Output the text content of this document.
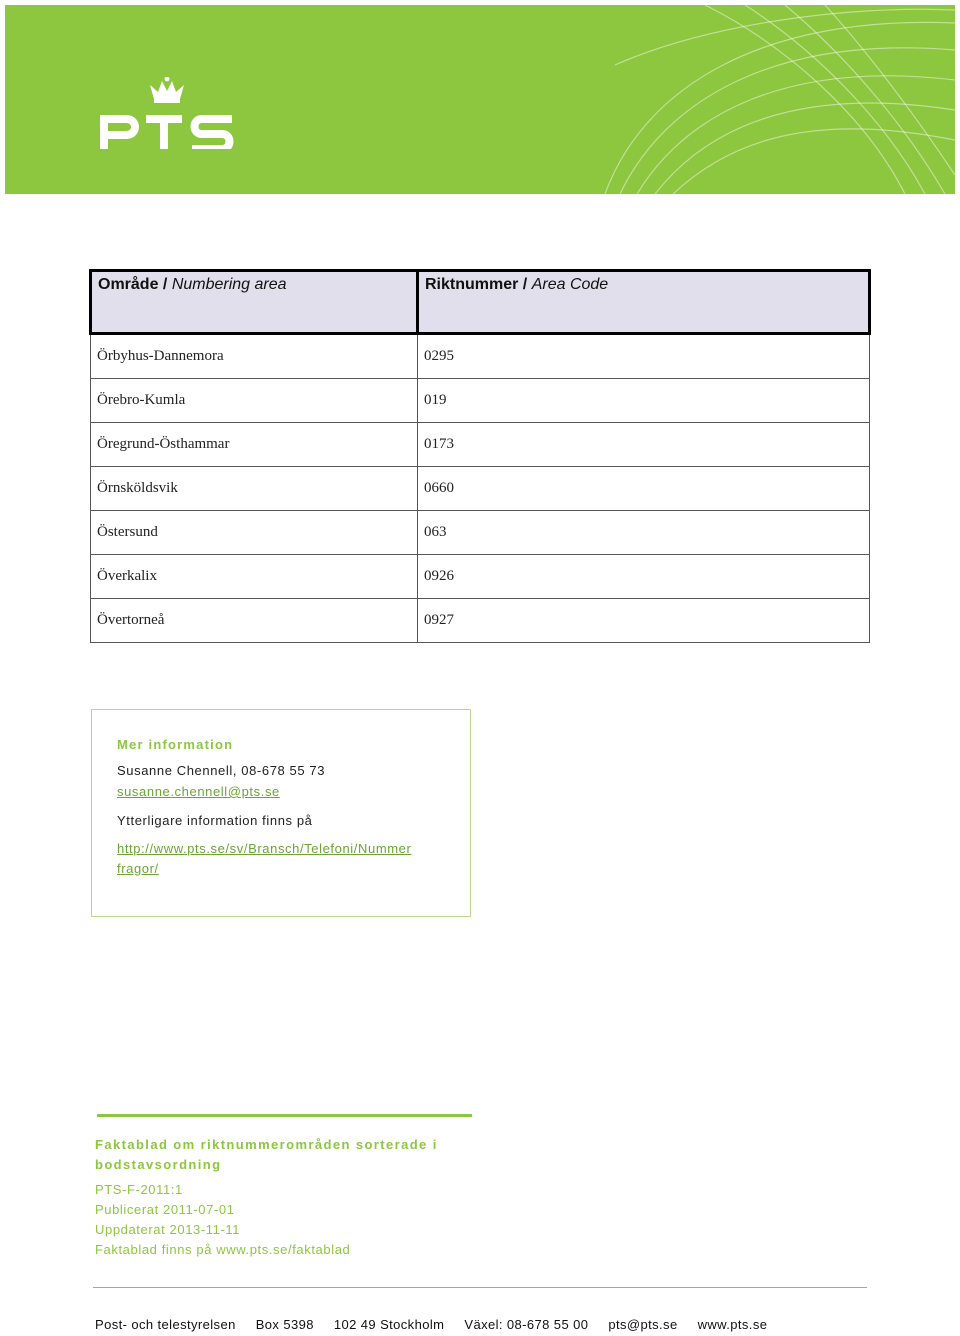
Område / Numbering area	Riktnummer / Area Code
Örbyhus-Dannemora	0295
Örebro-Kumla	019
Öregrund-Östhammar	0173
Örnsköldsvik	0660
Östersund	063
Överkalix	0926
Övertorneå	0927
Mer information
Susanne Chennell, 08-678 55 73
susanne.chennell@pts.se
Ytterligare information finns på
http://www.pts.se/sv/Bransch/Telefoni/Nummer
fragor/
Faktablad om riktnummerområden sorterade i
bodstavsordning
PTS-F-2011:1
Publicerat 2011-07-01
Uppdaterat 2013-11-11
Faktablad finns på www.pts.se/faktablad
Post- och telestyrelsen Box 5398 102 49 Stockholm Växel: 08-678 55 00 pts@pts.se www.pts.se
